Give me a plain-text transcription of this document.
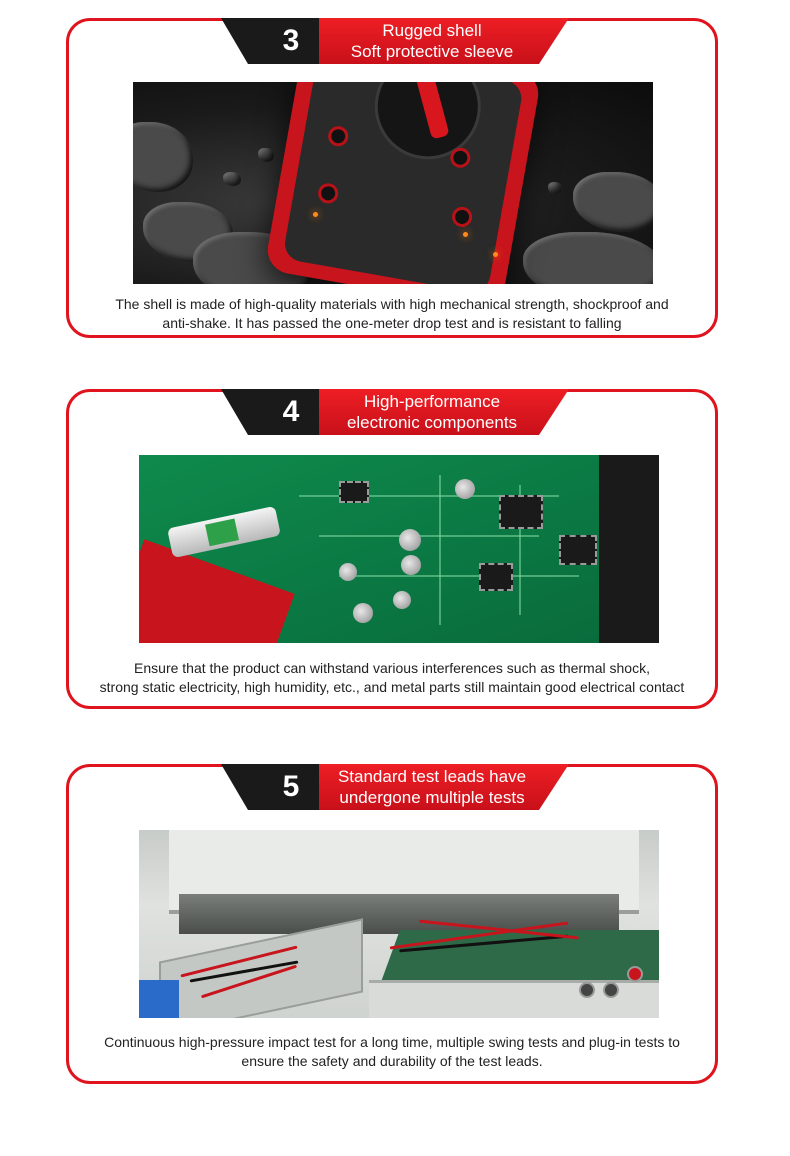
3	Rugged shell
Soft protective sleeve
The shell is made of high-quality materials with high mechanical strength, shockproof and
anti-shake. It has passed the one-meter drop test and is resistant to falling
4	High-performance
electronic components
Ensure that the product can withstand various interferences such as thermal shock,
strong static electricity, high humidity, etc., and metal parts still maintain good electrical contact
5	Standard test leads have
undergone multiple tests
Continuous high-pressure impact test for a long time, multiple swing tests and plug-in tests to
ensure the safety and durability of the test leads.
